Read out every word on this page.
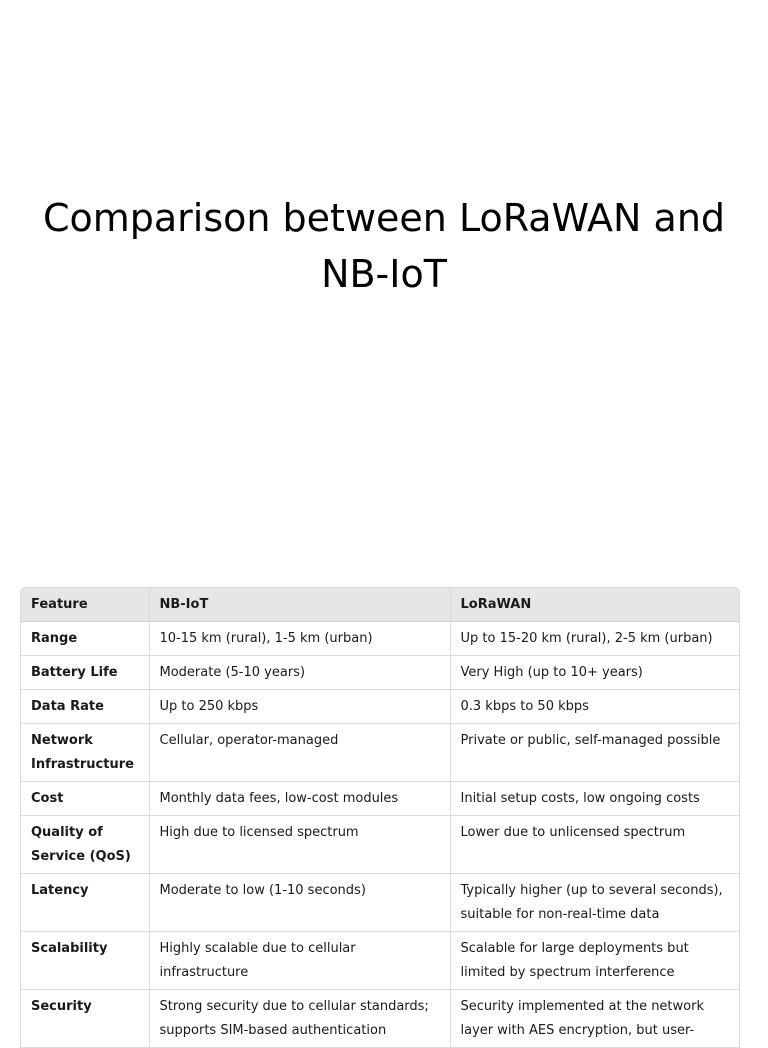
Comparison between LoRaWAN and NB-IoT
Feature	NB-IoT	LoRaWAN
Range	10-15 km (rural), 1-5 km (urban)	Up to 15-20 km (rural), 2-5 km (urban)
Battery Life	Moderate (5-10 years)	Very High (up to 10+ years)
Data Rate	Up to 250 kbps	0.3 kbps to 50 kbps
Network Infrastructure	Cellular, operator-managed	Private or public, self-managed possible
Cost	Monthly data fees, low-cost modules	Initial setup costs, low ongoing costs
Quality of Service (QoS)	High due to licensed spectrum	Lower due to unlicensed spectrum
Latency	Moderate to low (1-10 seconds)	Typically higher (up to several seconds), suitable for non-real-time data
Scalability	Highly scalable due to cellular infrastructure	Scalable for large deployments but limited by spectrum interference
Security	Strong security due to cellular standards; supports SIM-based authentication	Security implemented at the network layer with AES encryption, but user-
